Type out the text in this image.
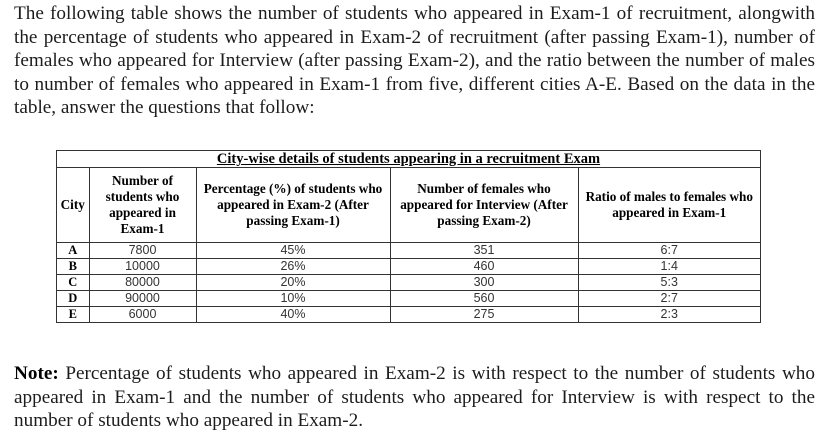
The following table shows the number of students who appeared in Exam-1 of recruitment, alongwith the percentage of students who appeared in Exam-2 of recruitment (after passing Exam-1), number of females who appeared for Interview (after passing Exam-2), and the ratio between the number of males to number of females who appeared in Exam-1 from five, different cities A-E. Based on the data in the table, answer the questions that follow:
City-wise details of students appearing in a recruitment Exam
City	Number of students who appeared in Exam-1	Percentage (%) of students who appeared in Exam-2 (After passing Exam-1)	Number of females who appeared for Interview (After passing Exam-2)	Ratio of males to females who appeared in Exam-1
A	7800	45%	351	6:7
B	10000	26%	460	1:4
C	80000	20%	300	5:3
D	90000	10%	560	2:7
E	6000	40%	275	2:3
Note: Percentage of students who appeared in Exam-2 is with respect to the number of students who appeared in Exam-1 and the number of students who appeared for Interview is with respect to the number of students who appeared in Exam-2.
